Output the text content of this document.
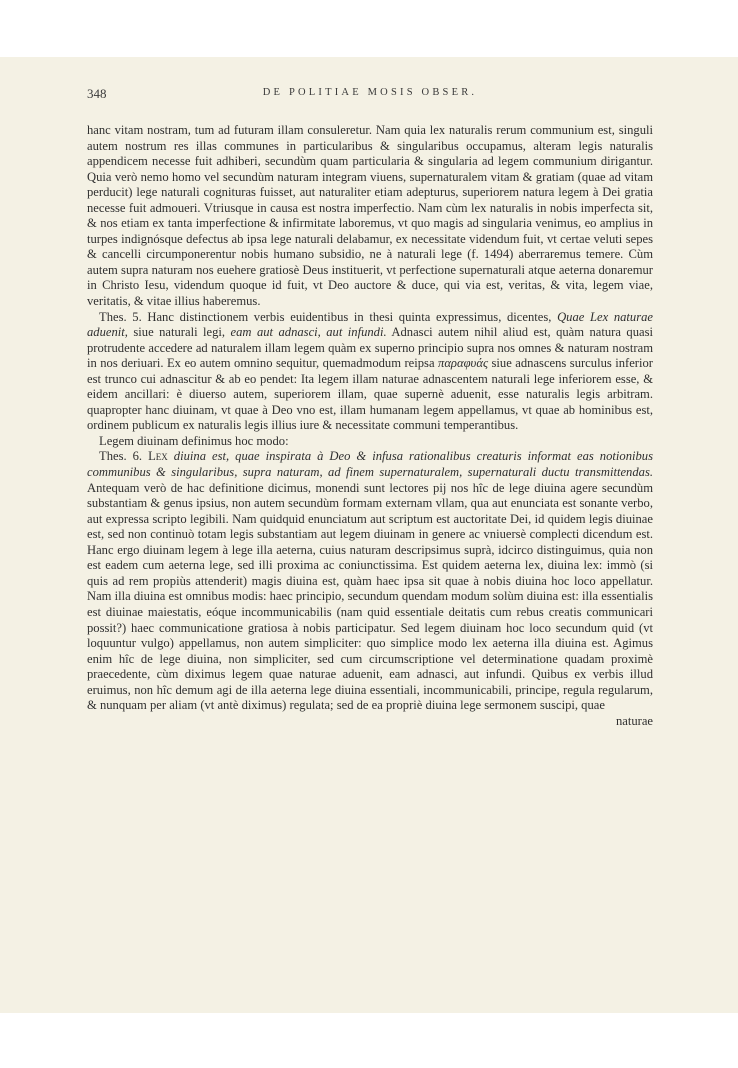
348	DE POLITIAE MOSIS OBSER.

hanc vitam nostram, tum ad futuram illam consuleretur. Nam quia lex naturalis rerum communium est, singuli autem nostrum res illas communes in particularibus & singularibus occupamus, alteram legis naturalis appendicem necesse fuit adhiberi, secundùm quam particularia & singularia ad legem communium dirigantur. Quia verò nemo homo vel secundùm naturam integram viuens, supernaturalem vitam & gratiam (quae ad vitam perducit) lege naturali cognituras fuisset, aut naturaliter etiam adepturus, superiorem natura legem à Dei gratia necesse fuit admoueri. Vtriusque in causa est nostra imperfectio. Nam cùm lex naturalis in nobis imperfecta sit, & nos etiam ex tanta imperfectione & infirmitate laboremus, vt quo magis ad singularia venimus, eo amplius in turpes indignósque defectus ab ipsa lege naturali delabamur, ex necessitate videndum fuit, vt certae veluti sepes & cancelli circumponerentur nobis humano subsidio, ne à naturali lege (f. 1494) aberraremus temere. Cùm autem supra naturam nos euehere gratiosè Deus instituerit, vt perfectione supernaturali atque aeterna donaremur in Christo Iesu, videndum quoque id fuit, vt Deo auctore & duce, qui via est, veritas, & vita, legem viae, veritatis, & vitae illius haberemus.

Thes. 5. Hanc distinctionem verbis euidentibus in thesi quinta expressimus, dicentes, Quae Lex naturae aduenit, siue naturali legi, eam aut adnasci, aut infundi. Adnasci autem nihil aliud est, quàm natura quasi protrudente accedere ad naturalem illam legem quàm ex superno principio supra nos omnes & naturam nostram in nos deriuari. Ex eo autem omnino sequitur, quemadmodum reipsa παραφυάς siue adnascens surculus inferior est trunco cui adnascitur & ab eo pendet: Ita legem illam naturae adnascentem naturali lege inferiorem esse, & eidem ancillari: è diuerso autem, superiorem illam, quae supernè aduenit, esse naturalis legis arbitram. quapropter hanc diuinam, vt quae à Deo vno est, illam humanam legem appellamus, vt quae ab hominibus est, ordinem publicum ex naturalis legis illius iure & necessitate communi temperantibus.

Legem diuinam definimus hoc modo:

Thes. 6. Lex diuina est, quae inspirata à Deo & infusa rationalibus creaturis informat eas notionibus communibus & singularibus, supra naturam, ad finem supernaturalem, supernaturali ductu transmittendas. Antequam verò de hac definitione dicimus, monendi sunt lectores pij nos hîc de lege diuina agere secundùm substantiam & genus ipsius, non autem secundùm formam externam vllam, qua aut enunciata est sonante verbo, aut expressa scripto legibili. Nam quidquid enunciatum aut scriptum est auctoritate Dei, id quidem legis diuinae est, sed non continuò totam legis substantiam aut legem diuinam in genere ac vniuersè complecti dicendum est. Hanc ergo diuinam legem à lege illa aeterna, cuius naturam descripsimus suprà, idcirco distinguimus, quia non est eadem cum aeterna lege, sed illi proxima ac coniunctissima. Est quidem aeterna lex, diuina lex: immò (si quis ad rem propiùs attenderit) magis diuina est, quàm haec ipsa sit quae à nobis diuina hoc loco appellatur. Nam illa diuina est omnibus modis: haec principio, secundum quendam modum solùm diuina est: illa essentialis est diuinae maiestatis, eóque incommunicabilis (nam quid essentiale deitatis cum rebus creatis communicari possit?) haec communicatione gratiosa à nobis participatur. Sed legem diuinam hoc loco secundum quid (vt loquuntur vulgo) appellamus, non autem simpliciter: quo simplice modo lex aeterna illa diuina est. Agimus enim hîc de lege diuina, non simpliciter, sed cum circumscriptione vel determinatione quadam proximè praecedente, cùm diximus legem quae naturae aduenit, eam adnasci, aut infundi. Quibus ex verbis illud eruimus, non hîc demum agi de illa aeterna lege diuina essentiali, incommunicabili, principe, regula regularum, & nunquam per aliam (vt antè diximus) regulata; sed de ea propriè diuina lege sermonem suscipi, quae

naturae
